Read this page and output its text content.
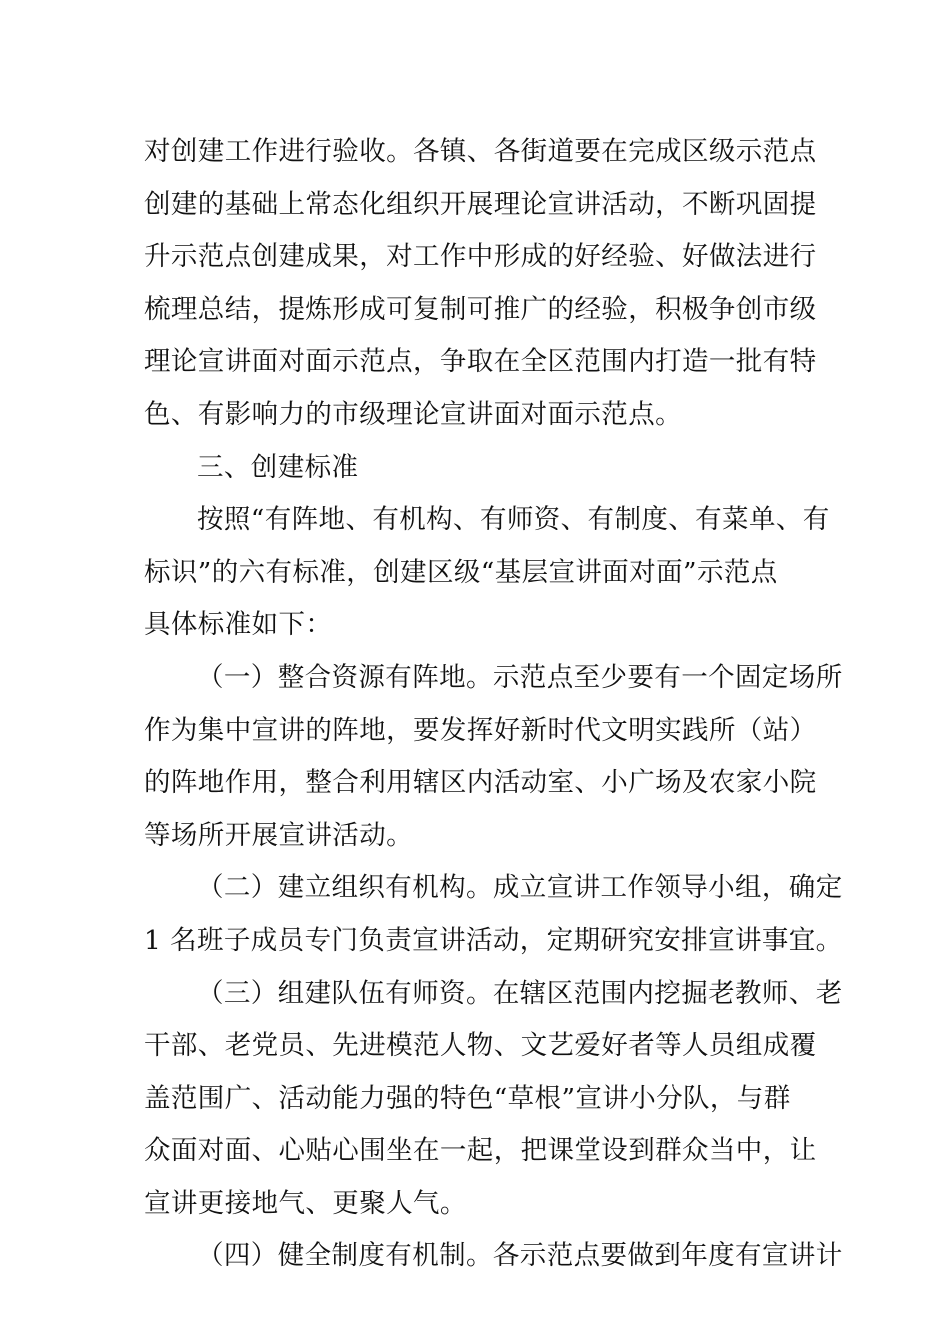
对创建工作进行验收。各镇、各街道要在完成区级示范点
创建的基础上常态化组织开展理论宣讲活动，不断巩固提
升示范点创建成果，对工作中形成的好经验、好做法进行
梳理总结，提炼形成可复制可推广的经验，积极争创市级
理论宣讲面对面示范点，争取在全区范围内打造一批有特
色、有影响力的市级理论宣讲面对面示范点。
三、创建标准
按照“有阵地、有机构、有师资、有制度、有菜单、有
标识”的六有标准，创建区级“基层宣讲面对面”示范点
具体标准如下：
（一）整合资源有阵地。示范点至少要有一个固定场所
作为集中宣讲的阵地，要发挥好新时代文明实践所（站）
的阵地作用，整合利用辖区内活动室、小广场及农家小院
等场所开展宣讲活动。
（二）建立组织有机构。成立宣讲工作领导小组，确定
1 名班子成员专门负责宣讲活动，定期研究安排宣讲事宜。
（三）组建队伍有师资。在辖区范围内挖掘老教师、老
干部、老党员、先进模范人物、文艺爱好者等人员组成覆
盖范围广、活动能力强的特色“草根”宣讲小分队，与群
众面对面、心贴心围坐在一起，把课堂设到群众当中，让
宣讲更接地气、更聚人气。
（四）健全制度有机制。各示范点要做到年度有宣讲计
